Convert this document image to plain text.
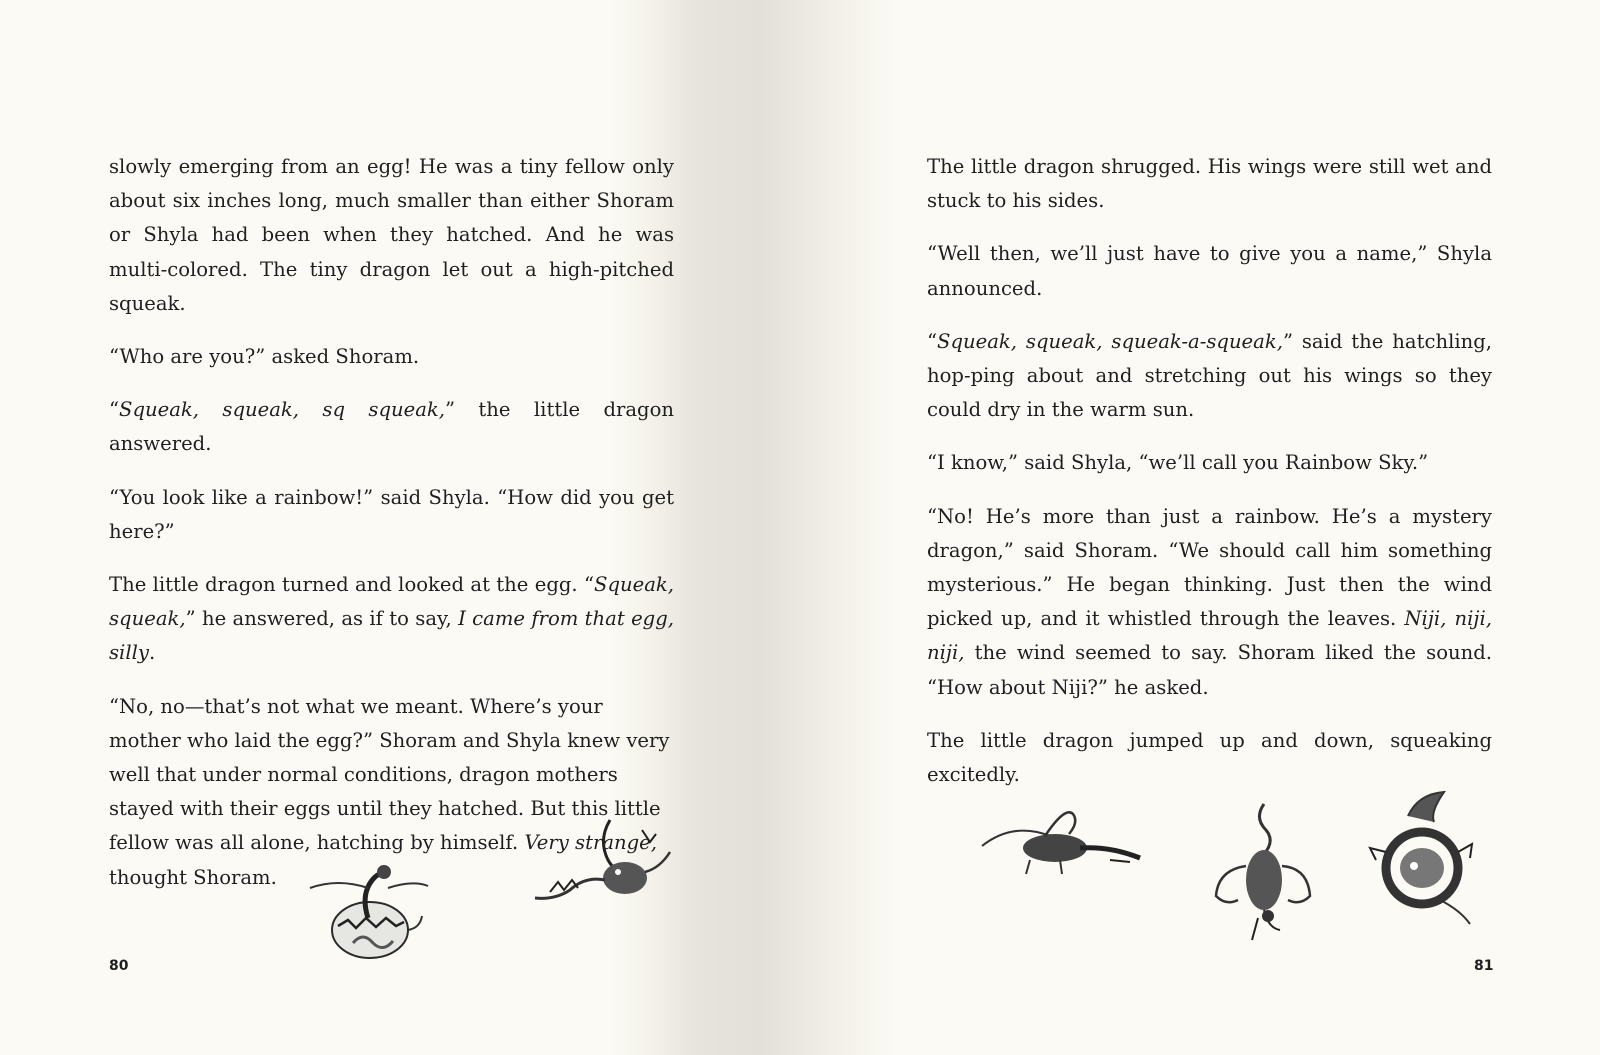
slowly emerging from an egg! He was a tiny fellow only about six inches long, much smaller than either Shoram or Shyla had been when they hatched. And he was multi-colored. The tiny dragon let out a high-pitched squeak.

“Who are you?” asked Shoram.

“Squeak, squeak, sq squeak,” the little dragon answered.

“You look like a rainbow!” said Shyla. “How did you get here?”

The little dragon turned and looked at the egg. “Squeak, squeak,” he answered, as if to say, I came from that egg, silly.

“No, no—that’s not what we meant. Where’s your mother who laid the egg?” Shoram and Shyla knew very well that under normal conditions, dragon mothers stayed with their eggs until they hatched. But this little fellow was all alone, hatching by himself. Very strange,
thought Shoram.

The little dragon shrugged. His wings were still wet and stuck to his sides.

“Well then, we’ll just have to give you a name,” Shyla announced.

“Squeak, squeak, squeak-a-squeak,” said the hatchling, hop-ping about and stretching out his wings so they could dry in the warm sun.

“I know,” said Shyla, “we’ll call you Rainbow Sky.”

“No! He’s more than just a rainbow. He’s a mystery dragon,” said Shoram. “We should call him something mysterious.” He began thinking. Just then the wind picked up, and it whistled through the leaves. Niji, niji, niji, the wind seemed to say. Shoram liked the sound. “How about Niji?” he asked.

The little dragon jumped up and down, squeaking excitedly.

80	81
